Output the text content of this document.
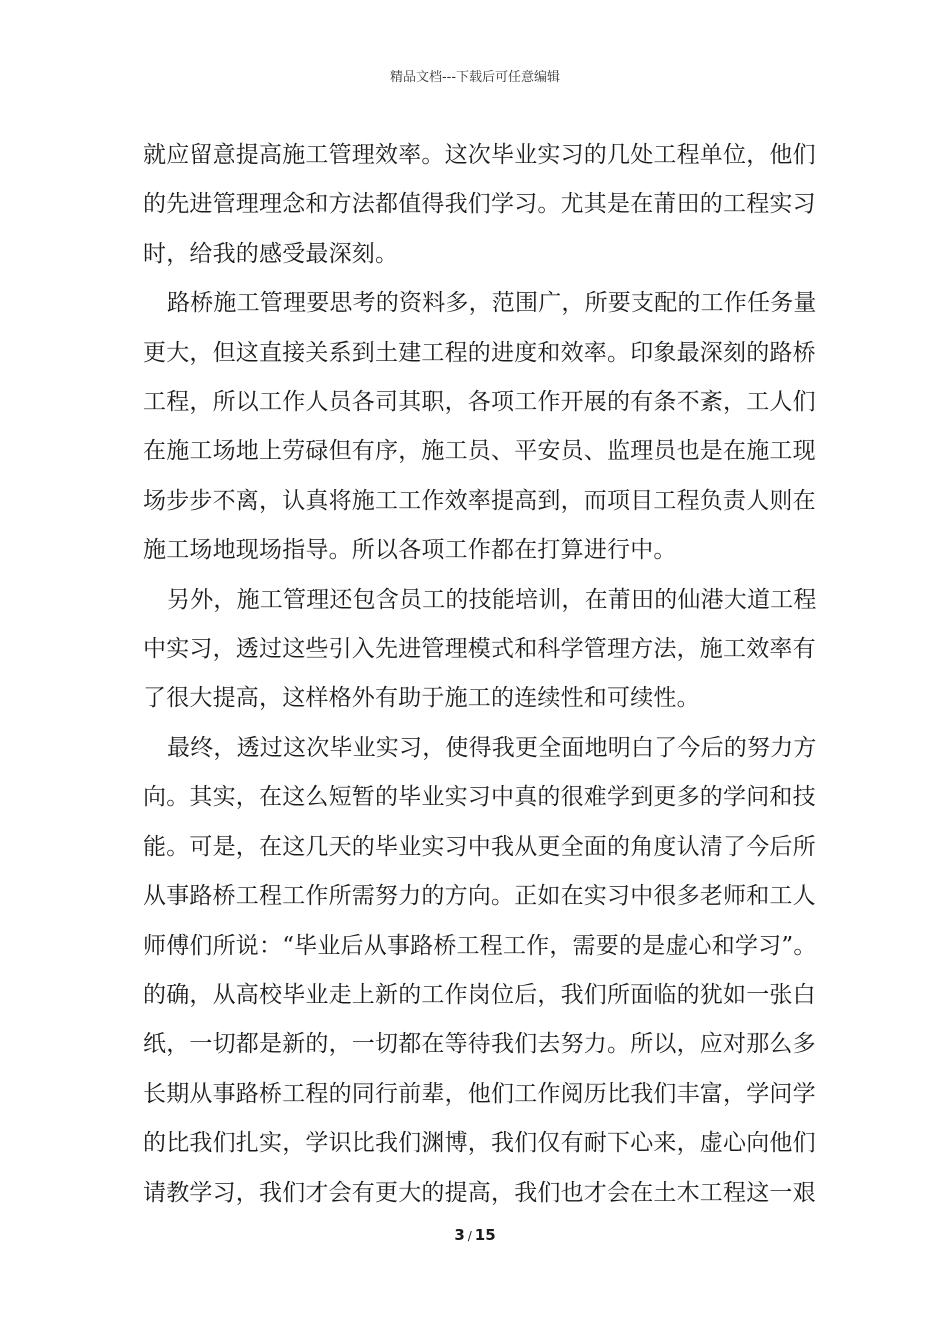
精品文档---下载后可任意编辑

就应留意提高施工管理效率。这次毕业实习的几处工程单位，他们
的先进管理理念和方法都值得我们学习。尤其是在莆田的工程实习
时，给我的感受最深刻。

路桥施工管理要思考的资料多，范围广，所要支配的工作任务量
更大，但这直接关系到土建工程的进度和效率。印象最深刻的路桥
工程，所以工作人员各司其职，各项工作开展的有条不紊，工人们
在施工场地上劳碌但有序，施工员、平安员、监理员也是在施工现
场步步不离，认真将施工工作效率提高到，而项目工程负责人则在
施工场地现场指导。所以各项工作都在打算进行中。

另外，施工管理还包含员工的技能培训，在莆田的仙港大道工程
中实习，透过这些引入先进管理模式和科学管理方法，施工效率有
了很大提高，这样格外有助于施工的连续性和可续性。

最终，透过这次毕业实习，使得我更全面地明白了今后的努力方
向。其实，在这么短暂的毕业实习中真的很难学到更多的学问和技
能。可是，在这几天的毕业实习中我从更全面的角度认清了今后所
从事路桥工程工作所需努力的方向。正如在实习中很多老师和工人
师傅们所说：“毕业后从事路桥工程工作，需要的是虚心和学习”。
的确，从高校毕业走上新的工作岗位后，我们所面临的犹如一张白
纸，一切都是新的，一切都在等待我们去努力。所以，应对那么多
长期从事路桥工程的同行前辈，他们工作阅历比我们丰富，学问学
的比我们扎实，学识比我们渊博，我们仅有耐下心来，虚心向他们
请教学习，我们才会有更大的提高，我们也才会在土木工程这一艰

3 / 15
